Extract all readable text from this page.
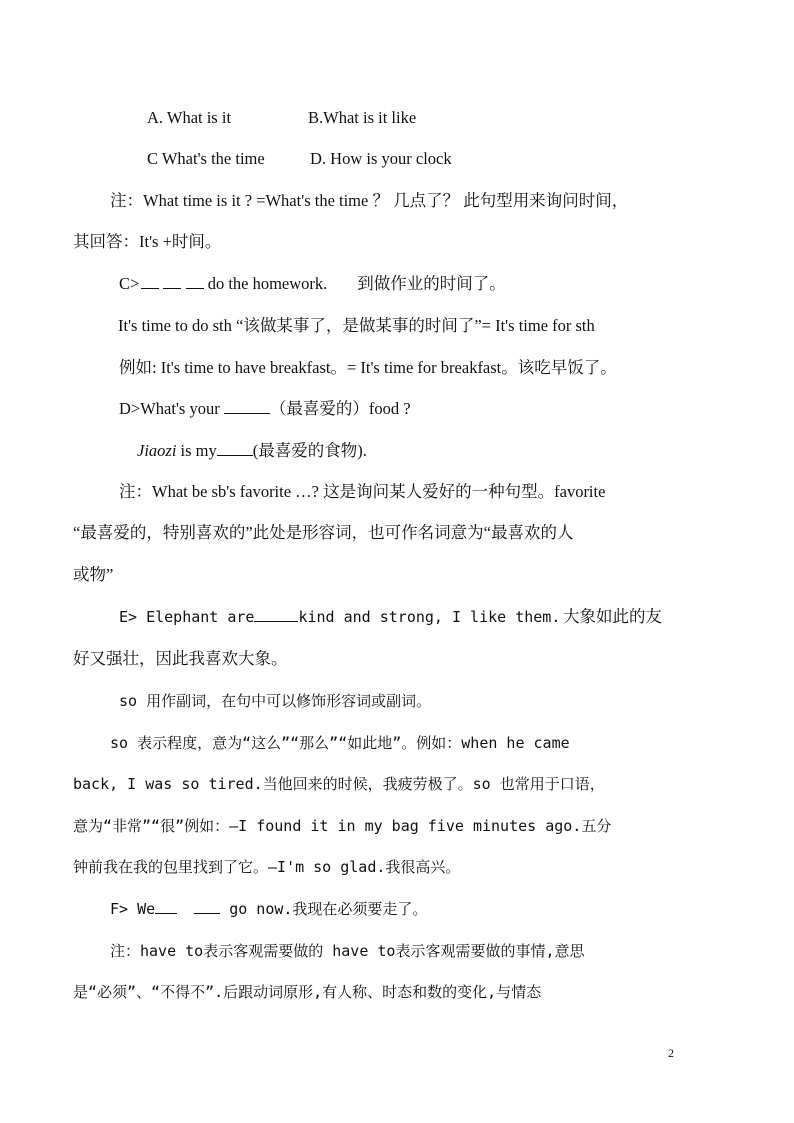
A. What is it	B.What is it like
C What's the time	D. How is your clock
注：What time is it ? =What's the time ？ 几点了？ 此句型用来询问时间，
其回答：It's +时间。
C>	do the homework. 到做作业的时间了。
It's time to do sth “该做某事了，是做某事的时间了”= It's time for sth
例如: It's time to have breakfast。= It's time for breakfast。该吃早饭了。
D>What's your	（最喜爱的）food ?
Jiaozi is my (最喜爱的食物).
注：What be sb's favorite …? 这是询问某人爱好的一种句型。favorite
“最喜爱的，特别喜欢的”此处是形容词，也可作名词意为“最喜欢的人
或物”
E> Elephant are	kind and strong, I like them. 大象如此的友
好又强壮，因此我喜欢大象。
so 用作副词，在句中可以修饰形容词或副词。
so 表示程度，意为“这么”“那么”“如此地”。例如：when he came
back, I was so tired.当他回来的时候，我疲劳极了。so 也常用于口语，
意为“非常”“很”例如：—I found it in my bag five minutes ago.五分
钟前我在我的包里找到了它。—I'm so glad.我很高兴。
F> We	go now.我现在必须要走了。
注：have to表示客观需要做的 have to表示客观需要做的事情,意思
是“必须”、“不得不”.后跟动词原形,有人称、时态和数的变化,与情态
2
